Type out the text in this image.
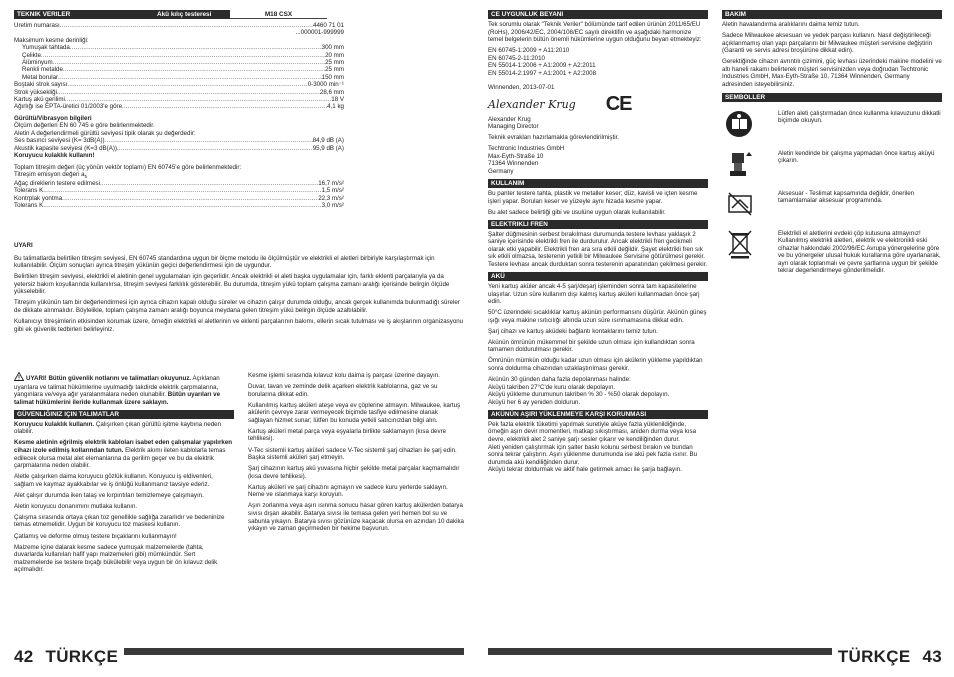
TEKNIK VERILER	Akü kılıç testeresi	M18 CSX
Üretim numarası .....	4460 71 01
...000001-999999
Maksimum kesme derinliği:
Yumuşak tahtada .....	300 mm
Çelikte .....	20 mm
Alüminyum .....	25 mm
Renkli metalde .....	25 mm
Metal borular .....	150 mm
Boştaki strok sayısı .....	0-3000 min⁻¹
Strok yüksekliği .....	28,6 mm
Kartuş akü gerilimi .....	18 V
Ağırlığı ise EPTA-üretici 01/2003'e göre .....	4,1 kg

Gürültü/Vibrasyon bilgileri

Ölçüm değerleri EN 60 745 e göre belirlenmektedir.
Aletin A değerlendirmeli gürültü seviyesi tipik olarak şu değerdedir:
Ses basıncı seviyesi (K= 3dB(A)) .....	84,9 dB (A)
Akustik kapasite seviyesi (K=3 dB(A)) .....	95,9 dB (A)
Koruyucu kulaklık kullanın!
Toplam titreşim değeri (üç yönün vektör toplamı) EN 60745'e göre belirlenmektedir:
Titreşim emisyon değeri $a_h$
Ağaç direklerin testere edilmesi .....	16,7 m/s²
Tolerans K .....	1,5 m/s²
Kontrplak yontma .....	22,3 m/s²
Tolerans K .....	3,0 m/s²

UYARI

Bu talimatlarda belirtilen titreşim seviyesi, EN 60745 standardına uygun bir ölçme metodu ile ölçülmüştür ve elektrikli el aletleri birbiriyle karşılaştırmak için kullanılabilir. Ölçüm sonuçları ayrıca titreşim yükünün geçici değerlendirmesi için de uygundur.

Belirtilen titreşim seviyesi, elektrikli el aletinin genel uygulamaları için geçerlidir. Ancak elektrikli el aleti başka uygulamalar için, farklı eklenti parçalarıyla ya da yetersiz bakım koşullarında kullanılırsa, titreşim seviyesi farklılık gösterebilir. Bu durumda, titreşim yükü toplam çalışma zamanı aralığı içerisinde belirgin ölçüde yükselebilir.

Titreşim yükünün tam bir değerlendirmesi için ayrıca cihazın kapalı olduğu süreler ve cihazın çalışır durumda olduğu, ancak gerçek kullanımda bulunmadığı süreler de dikkate alınmalıdır. Böylelikle, toplam çalışma zamanı aralığı boyunca meydana gelen titreşim yükü belirgin ölçüde azaltılabilir.

Kullanıcıyı titreşimlerin etkisinden korumak üzere, örneğin elektrikli el aletlerinin ve eklenti parçalarının bakımı, ellerin sıcak tutulması ve iş akışlarının organizasyonu gibi ek güvenlik tedbirleri belirleyiniz.

UYARI! Bütün güvenlik notlarını ve talimatları okuyunuz. Açıklanan uyarılara ve talimat hükümlerine uyulmadığı takdirde elektrik çarpmalarına, yangınlara ve/veya ağır yaralanmalara neden olunabilir. Bütün uyarıları ve talimat hükümlerini ileride kullanmak üzere saklayın.

GÜVENLIĞINIZ IÇIN TALIMATLAR

Koruyucu kulaklık kullanın. Çalışırken çıkan gürültü işitme kaybına neden olabilir.

Kesme aletinin eğrilmiş elektrik kabloları isabet eden çalışmalar yapılırken cihazı izole edilmiş kollarından tutun. Elektrik akımı ileten kablolarla temas edilecek olursa metal alet elemanlarına da gerilim geçer ve bu da elektrik çarpmalarına neden olabilir.

Aletle çalışırken daima koruyucu gözlük kullanın. Koruyucu iş eldivenleri, sağlam ve kaymaz ayakkabılar ve iş önlüğü kullanmanız tavsiye ederiz.

Alet çalışır durumda iken talaş ve kırpıntıları temizlemeye çalışmayın.

Aletin koruyucu donanımını mutlaka kullanın.

Çalışma sırasında ortaya çıkan toz genellikle sağlığa zararlıdır ve bedeninize temas etmemelidir. Uygun bir koruyucu toz maskesi kullanın.

Çatlamış ve deforme olmuş testere bıçaklarını kullanmayın!

Malzeme içine dalarak kesme sadece yumuşak malzemelerde (tahta, duvarlarda kullanılan hafif yapı malzemeleri gibi) mümkündür. Sert malzemelerde ise testere bıçağı bükülebilir veya uygun bir ön kılavuz delik açılmalıdır.

Kesme işlemi sırasında kılavuz kolu daima iş parçası üzerine dayayın.

Duvar, tavan ve zeminde delik açarken elektrik kablolarına, gaz ve su borularına dikkat edin.

Kullanılmış kartuş aküleri ateşe veya ev çöplerine atmayın. Milwaukee, kartuş akülerin çevreye zarar vermeyecek biçimde tasfiye edilmesine olanak sağlayan hizmet sunar; lütfen bu konuda yetkili satıcınızdan bilgi alın.

Kartuş aküleri metal parça veya eşyalarla birlikte saklamayın (kısa devre tehlikesi).

V-Tec sistemli kartuş aküleri sadece V-Tec sistemli şarj cihazları ile şarj edin. Başka sistemli aküleri şarj etmeyin.

Şarj cihazının kartuş akü yuvasına hiçbir şekilde metal parçalar kaçmamalıdır (kısa devre tehlikesi).

Kartuş aküleri ve şarj cihazını açmayın ve sadece kuru yerlerde saklayın. Neme ve ıslanmaya karşı koruyun.

Aşırı zorlanma veya aşırı ısınma sonucu hasar gören kartuş akülerden batarya sıvısı dışarı akabilir. Batarya sıvısı ile temasa gelen yeri hemen bol su ve sabunla yıkayın. Batarya sıvısı gözünüze kaçacak olursa en azından 10 dakika yıkayın ve zaman geçirmeden bir hekime başvurun.

CE UYGUNLUK BEYANI

Tek sorumlu olarak "Teknik Veriler" bölümünde tarif edilen ürünün 2011/65/EU (RoHs), 2006/42/EC, 2004/108/EC sayılı direktifin ve aşağıdaki harmonize temel belgelerin bütün önemli hükümlerine uygun olduğunu beyan etmekteyiz:

EN 60745-1:2009 + A11:2010
EN 60745-2-11:2010
EN 55014-1:2006 + A1:2009 + A2:2011
EN 55014-2:1997 + A1:2001 + A2:2008

Winnenden, 2013-07-01

Alexander Krug CE
Alexander Krug

Managing Director

Teknik evrakları hazırlamakla görevlendirilmiştir.

Techtronic Industries GmbH
Max-Eyth-Straße 10
71364 Winnenden

Germany

KULLANIM

Bu panter testere tahta, plastik ve metaller keser; düz, kavisli ve içten kesme işleri yapar. Boruları keser ve yüzeyle aynı hizada kesme yapar.

Bu alet sadece belirtiği gibi ve usulüne uygun olarak kullanılabilir.

ELEKTRIKLI FREN

Şalter düğmesinin serbest bırakılması durumunda testere levhası yaklaşık 2 saniye içerisinde elektrikli fren ile durdurulur. Ancak elektrikli fren gecikmeli olarak etki yapabilir. Elektrikli fren ara sıra etkili değildir. Şayet elektrikli fren sık sık etkili olmazsa, testerenin yetkili bir Milwaukee Servisine götürülmesi gerekir. Testere levhası ancak durduktan sonra testerenin aparatından çekilmesi gerekir.

AKÜ

Yeni kartuş aküler ancak 4-5 şarj/deşarj işleminden sonra tam kapasitelerine ulaşırlar. Uzun süre kullanım dışı kalmış kartuş aküleri kullanmadan önce şarj edin.

50°C üzerindeki sıcaklıklar kartuş akünün performansını düşürür. Akünün güneş ışığı veya makine ısıtıcılığı altında uzun süre ısınmamasına dikkat edin.

Şarj cihazı ve kartuş aküdeki bağlantı kontaklarını temiz tutun.

Akünün ömrünün mükemmel bir şekilde uzun olması için kullandıktan sonra tamamen doldurulması gerekir.

Ömrünün mümkün olduğu kadar uzun olması için akülerin yükleme yapıldıktan sonra doldurma cihazından uzaklaştırılması gerekir.

Akünün 30 günden daha fazla depolanması halinde:
Aküyü takriben 27°C'de kuru olarak depolayın.
Aküyü yükleme durumunun takriben % 30 - %50 olarak depolayın.
Aküyü her 6 ay yeniden doldurun.

AKÜNÜN AŞIRI YÜKLENMEYE KARŞI KORUNMASI

Pek fazla elektrik tüketimi yapılmak suretiyle aküye fazla yüklenildiğinde, örneğin aşırı devir momentleri, matkap sıkıştırması, aniden durma veya kısa devre, elektrikli alet 2 saniye şarjı sesler çıkarır ve kendiliğinden durur.
Aleti yeniden çalıştırmak için şalter baskı kolunu serbest bırakın ve bundan sonra tekrar çalıştırın. Aşırı yüklenme durumunda ise akü pek fazla ısınır. Bu durumda akü kendiliğinden durur.
Aküyü tekrar doldurmak ve aktif hale getirmek amacı ile şarja bağlayın.

BAKIM

Aletin havalandırma aralıklarını daima temiz tutun.

Sadece Milwaukee aksesuarı ve yedek parçası kullanın. Nasıl değiştirileceği açıklanmamış olan yapı parçalarını bir Milwaukee müşteri servisine değiştirin (Garanti ve servis adresi broşürüne dikkat edin).

Gerektiğinde cihazın avrıntılı çizimini, güç levhası üzerindeki makine modelini ve altı haneli rakamı belirterek müşteri servisinizden veya doğrudan Techtronic Industries GmbH, Max-Eyth-Straße 10, 71364 Winnenden, Germany adresinden isteyebilirsiniz.

SEMBOLLER
Lütfen aleti çalıştırmadan önce kullanma kılavuzunu dikkatli biçimde okuyun.
Aletin kendinde bir çalışma yapmadan önce kartuş aküyü çıkarın.
Aksesuar - Teslimat kapsamında değildir, önerilen tamamlamalar aksesuar programında.
Elektrikli el aletlerini evdeki çöp kutusuna atmayınız! Kullanılmış elektrikli aletleri, elektrik ve elektronikli eski cihazlar hakkındaki 2002/96/EC Avrupa yönergelerine göre ve bu yönergeler ulusal hukuk kurallarına göre uyarlanarak, ayrı olarak toplanmalı ve çevre şartlarına uygun bir şekilde tekrar degerlendirmeye gönderilmelidir.
42 TÜRKÇE	TÜRKÇE 43
